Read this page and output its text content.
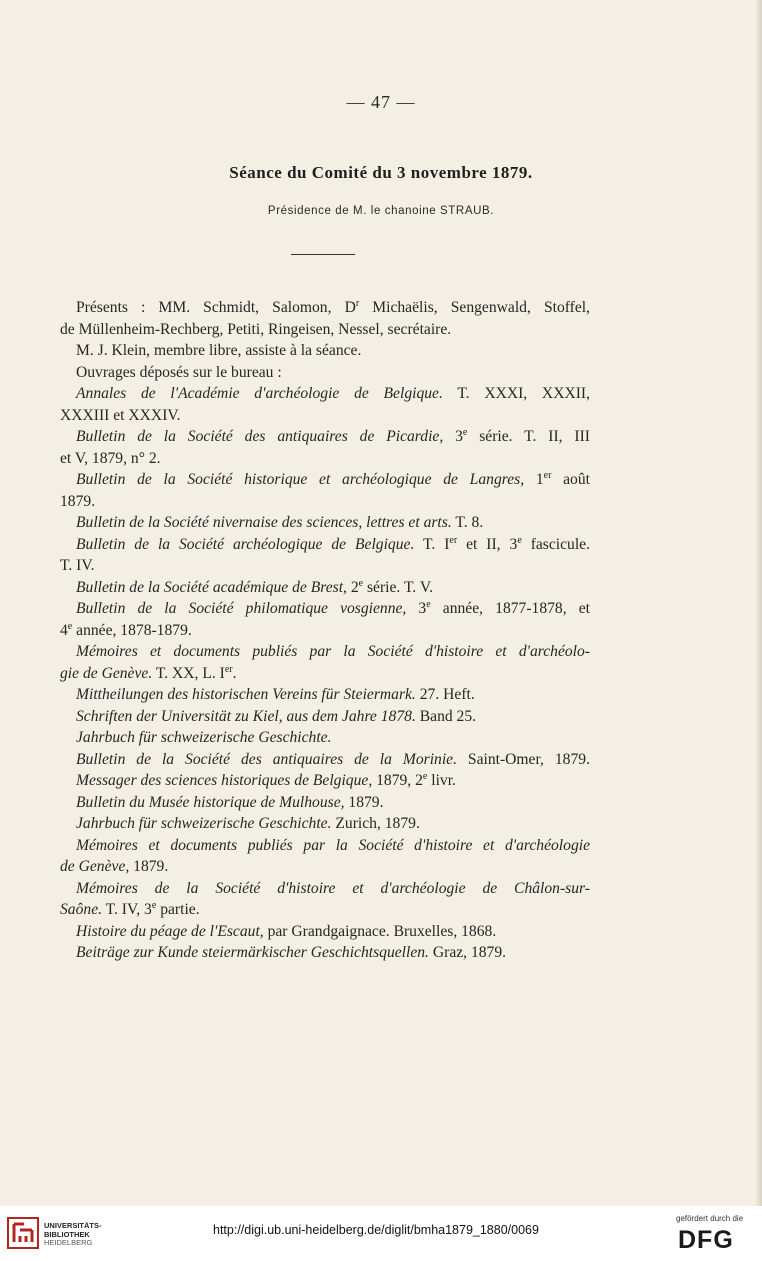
— 47 —
Séance du Comité du 3 novembre 1879.
Présidence de M. le chanoine STRAUB.
Présents : MM. Schmidt, Salomon, $D^r$ Michaëlis, Sengenwald, Stoffel,
de Müllenheim-Rechberg, Petiti, Ringeisen, Nessel, secrétaire.
M. J. Klein, membre libre, assiste à la séance.
Ouvrages déposés sur le bureau :
Annales de l'Académie d'archéologie de Belgique. T. XXXI, XXXII,
XXXIII et XXXIV.
Bulletin de la Société des antiquaires de Picardie, 3e série. T. II, III
et V, 1879, n° 2.
Bulletin de la Société historique et archéologique de Langres, 1er août
1879.
Bulletin de la Société nivernaise des sciences, lettres et arts. T. 8.
Bulletin de la Société archéologique de Belgique. T. Ier et II, 3e fascicule.
T. IV.
Bulletin de la Société académique de Brest, 2e série. T. V.
Bulletin de la Société philomatique vosgienne, 3e année, 1877-1878, et
4e année, 1878-1879.
Mémoires et documents publiés par la Société d'histoire et d'archéolo-
gie de Genève. T. XX, L. Ier.
Mittheilungen des historischen Vereins für Steiermark. 27. Heft.
Schriften der Universität zu Kiel, aus dem Jahre 1878. Band 25.
Jahrbuch für schweizerische Geschichte.
Bulletin de la Société des antiquaires de la Morinie. Saint-Omer, 1879.
Messager des sciences historiques de Belgique, 1879, 2e livr.
Bulletin du Musée historique de Mulhouse, 1879.
Jahrbuch für schweizerische Geschichte. Zurich, 1879.
Mémoires et documents publiés par la Société d'histoire et d'archéologie
de Genève, 1879.
Mémoires de la Société d'histoire et d'archéologie de Châlon-sur-
Saône. T. IV, 3e partie.
Histoire du péage de l'Escaut, par Grandgaignace. Bruxelles, 1868.
Beiträge zur Kunde steiermärkischer Geschichtsquellen. Graz, 1879.
UNIVERSITÄTS-
BIBLIOTHEK
HEIDELBERG
http://digi.ub.uni-heidelberg.de/diglit/bmha1879_1880/0069
gefördert durch die
DFG
